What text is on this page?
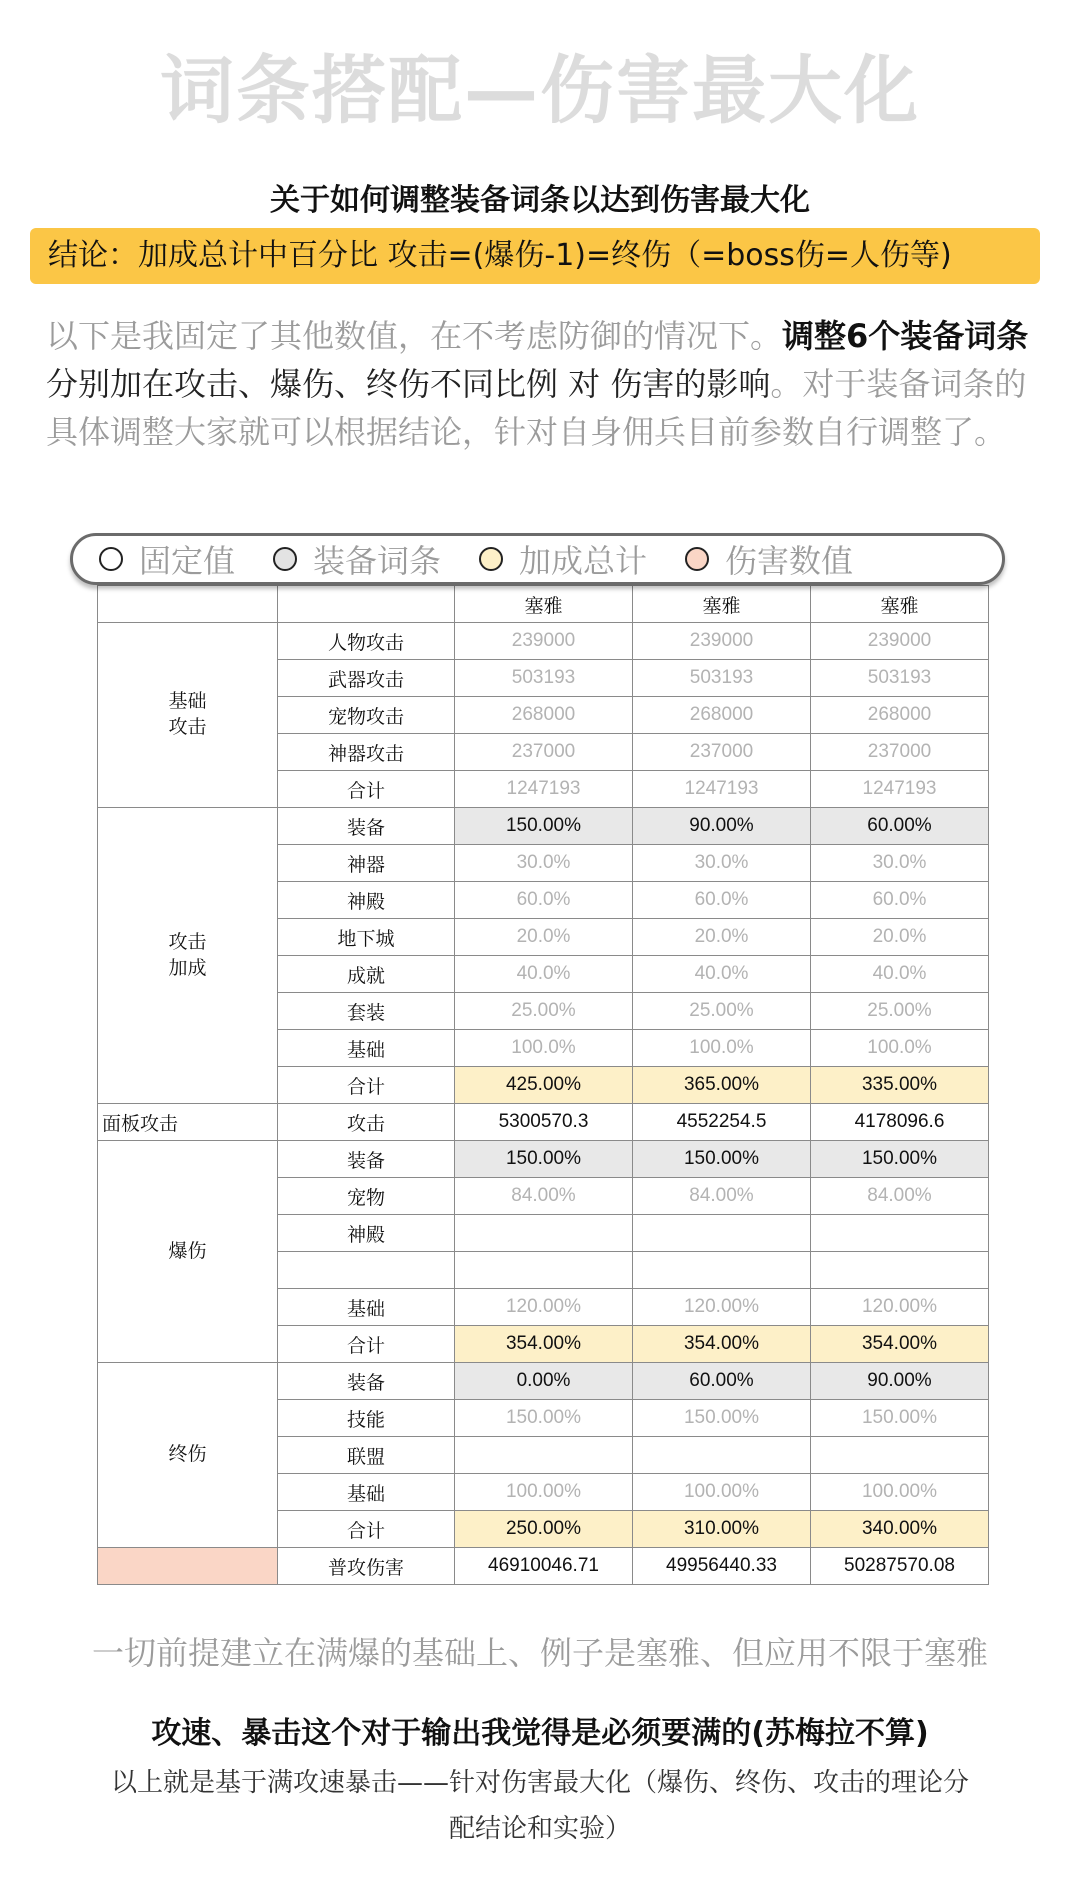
词条搭配—伤害最大化
关于如何调整装备词条以达到伤害最大化
结论：加成总计中百分比 攻击=(爆伤-1)=终伤（=boss伤=人伤等)
以下是我固定了其他数值，在不考虑防御的情况下。调整6个装备词条分别加在攻击、爆伤、终伤不同比例 对 伤害的影响。对于装备词条的具体调整大家就可以根据结论，针对自身佣兵目前参数自行调整了。
固定值 装备词条 加成总计 伤害数值
		塞雅	塞雅	塞雅
基础
攻击	人物攻击	239000	239000	239000
	武器攻击	503193	503193	503193
	宠物攻击	268000	268000	268000
	神器攻击	237000	237000	237000
	合计	1247193	1247193	1247193
攻击
加成	装备	150.00%	90.00%	60.00%
	神器	30.0%	30.0%	30.0%
	神殿	60.0%	60.0%	60.0%
	地下城	20.0%	20.0%	20.0%
	成就	40.0%	40.0%	40.0%
	套装	25.00%	25.00%	25.00%
	基础	100.0%	100.0%	100.0%
	合计	425.00%	365.00%	335.00%
面板攻击	攻击	5300570.3	4552254.5	4178096.6
爆伤	装备	150.00%	150.00%	150.00%
	宠物	84.00%	84.00%	84.00%
	神殿			

	基础	120.00%	120.00%	120.00%
	合计	354.00%	354.00%	354.00%
终伤	装备	0.00%	60.00%	90.00%
	技能	150.00%	150.00%	150.00%
	联盟			
	基础	100.00%	100.00%	100.00%
	合计	250.00%	310.00%	340.00%
	普攻伤害	46910046.71	49956440.33	50287570.08
一切前提建立在满爆的基础上、例子是塞雅、但应用不限于塞雅
攻速、暴击这个对于输出我觉得是必须要满的(苏梅拉不算)
以上就是基于满攻速暴击——针对伤害最大化（爆伤、终伤、攻击的理论分配结论和实验）
